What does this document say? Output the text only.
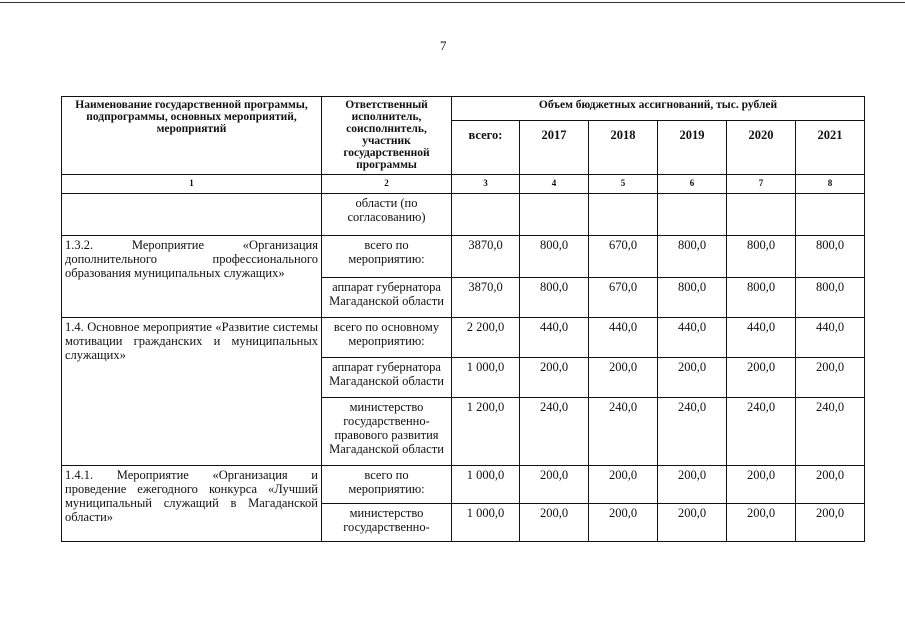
7
Наименование государственной программы, подпрограммы, основных мероприятий, мероприятий	Ответственный исполнитель, соисполнитель, участник государственной программы	Объем бюджетных ассигнований, тыс. рублей					
		всего:	2017	2018	2019	2020	2021
1	2	3	4	5	6	7	8
	области (по согласованию)						
1.3.2. Мероприятие «Организация дополнительного профессионального образования муниципальных служащих»	всего по мероприятию:	3870,0	800,0	670,0	800,0	800,0	800,0
	аппарат губернатора Магаданской области	3870,0	800,0	670,0	800,0	800,0	800,0
1.4. Основное мероприятие «Развитие системы мотивации гражданских и муниципальных служащих»	всего по основному мероприятию:	2 200,0	440,0	440,0	440,0	440,0	440,0
	аппарат губернатора Магаданской области	1 000,0	200,0	200,0	200,0	200,0	200,0
	министерство государственно-правового развития Магаданской области	1 200,0	240,0	240,0	240,0	240,0	240,0
1.4.1. Мероприятие «Организация и проведение ежегодного конкурса «Лучший муниципальный служащий в Магаданской области»	всего по мероприятию:	1 000,0	200,0	200,0	200,0	200,0	200,0
	министерство государственно-	1 000,0	200,0	200,0	200,0	200,0	200,0
